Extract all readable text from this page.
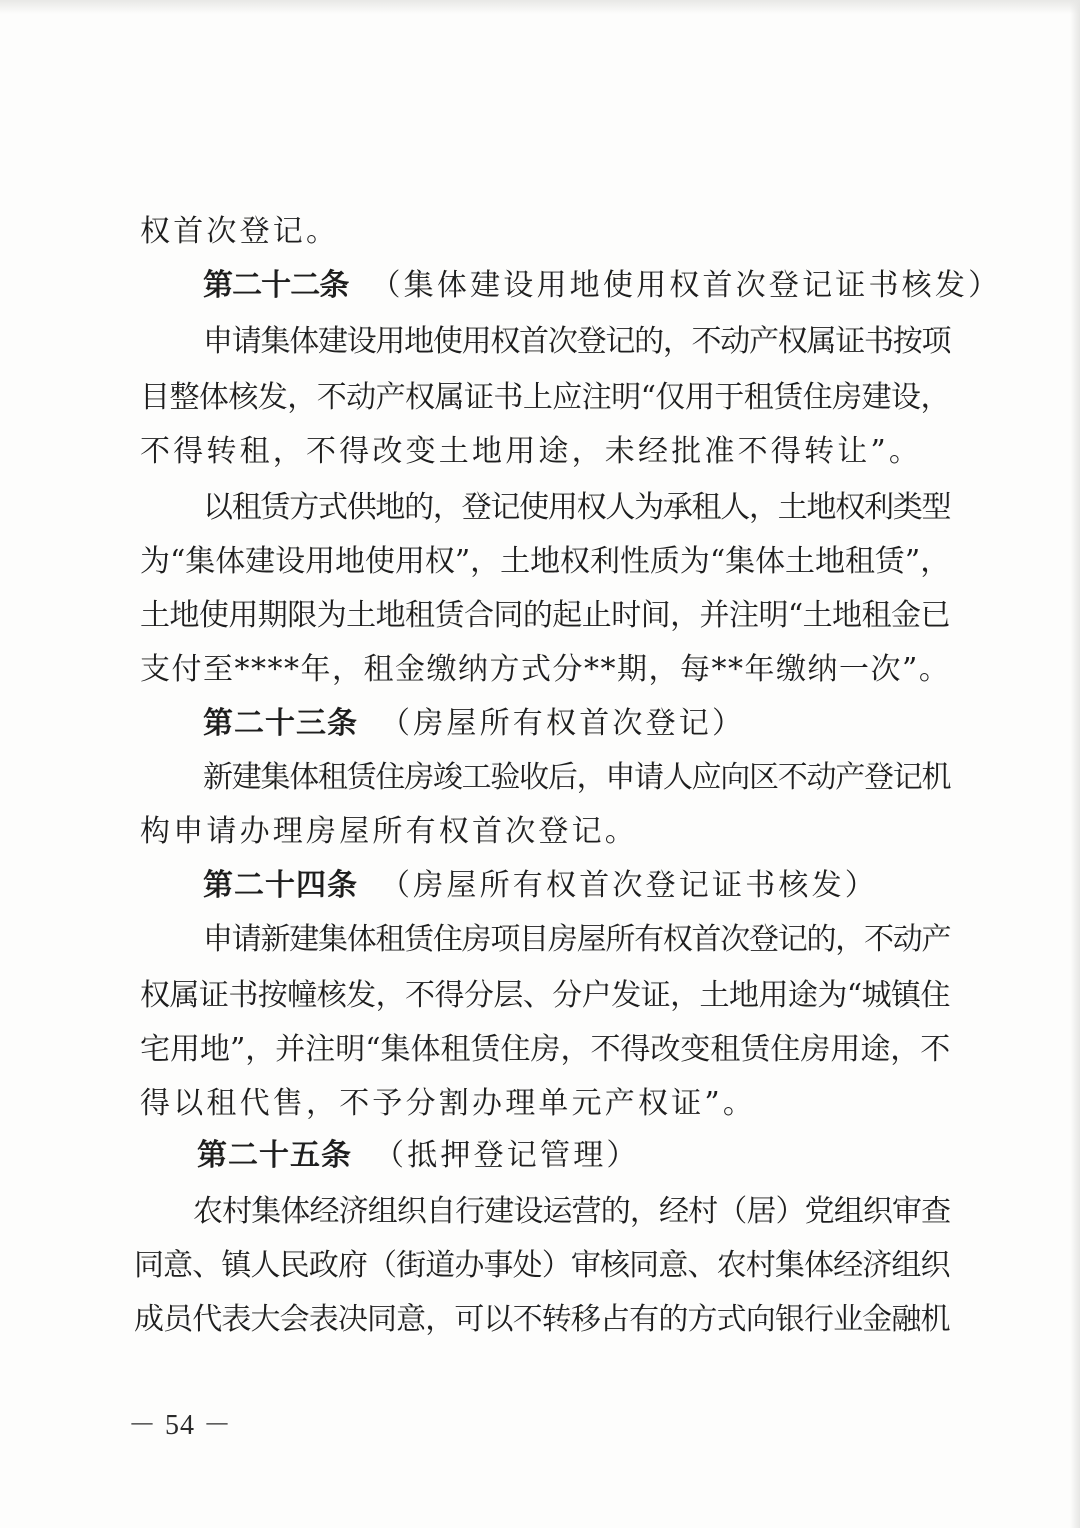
权首次登记。
第二十二条 （集体建设用地使用权首次登记证书核发）
申请集体建设用地使用权首次登记的，不动产权属证书按项
目整体核发，不动产权属证书上应注明“仅用于租赁住房建设，
不得转租，不得改变土地用途，未经批准不得转让”。
以租赁方式供地的，登记使用权人为承租人，土地权利类型
为“集体建设用地使用权”，土地权利性质为“集体土地租赁”，
土地使用期限为土地租赁合同的起止时间，并注明“土地租金已
支付至****年，租金缴纳方式分**期，每**年缴纳一次”。
第二十三条 （房屋所有权首次登记）
新建集体租赁住房竣工验收后，申请人应向区不动产登记机
构申请办理房屋所有权首次登记。
第二十四条 （房屋所有权首次登记证书核发）
申请新建集体租赁住房项目房屋所有权首次登记的，不动产
权属证书按幢核发，不得分层、分户发证，土地用途为“城镇住
宅用地”，并注明“集体租赁住房，不得改变租赁住房用途，不
得以租代售，不予分割办理单元产权证”。
第二十五条 （抵押登记管理）
农村集体经济组织自行建设运营的，经村（居）党组织审查
同意、镇人民政府（街道办事处）审核同意、农村集体经济组织
成员代表大会表决同意，可以不转移占有的方式向银行业金融机
－ 54 －
